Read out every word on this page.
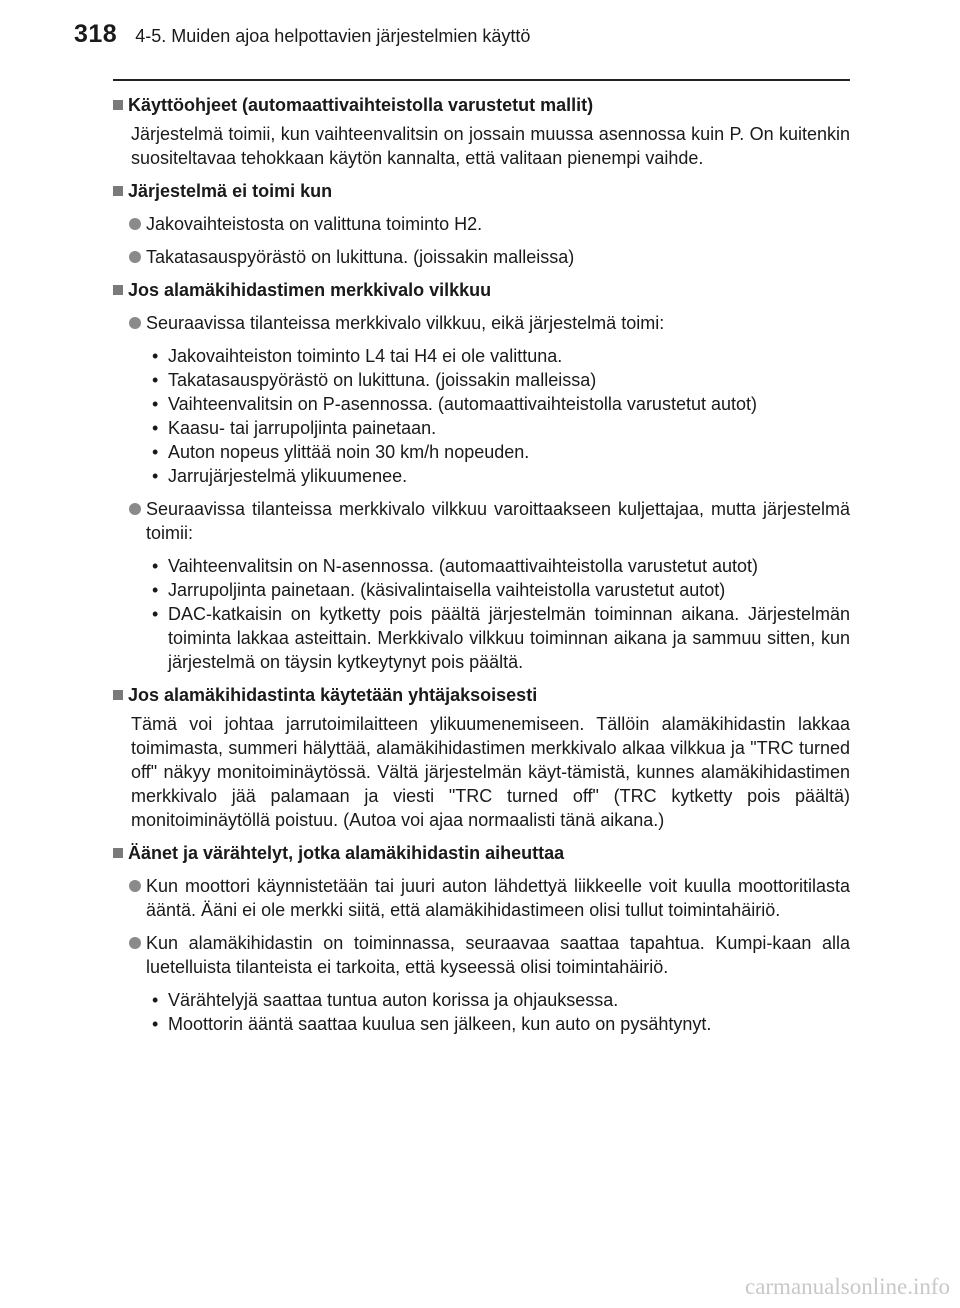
318 4-5. Muiden ajoa helpottavien järjestelmien käyttö
Käyttöohjeet (automaattivaihteistolla varustetut mallit)
Järjestelmä toimii, kun vaihteenvalitsin on jossain muussa asennossa kuin P. On kuitenkin suositeltavaa tehokkaan käytön kannalta, että valitaan pienempi vaihde.
Järjestelmä ei toimi kun
Jakovaihteistosta on valittuna toiminto H2.
Takatasauspyörästö on lukittuna. (joissakin malleissa)
Jos alamäkihidastimen merkkivalo vilkkuu
Seuraavissa tilanteissa merkkivalo vilkkuu, eikä järjestelmä toimi:
• Jakovaihteiston toiminto L4 tai H4 ei ole valittuna.
• Takatasauspyörästö on lukittuna. (joissakin malleissa)
• Vaihteenvalitsin on P-asennossa. (automaattivaihteistolla varustetut autot)
• Kaasu- tai jarrupoljinta painetaan.
• Auton nopeus ylittää noin 30 km/h nopeuden.
• Jarrujärjestelmä ylikuumenee.
Seuraavissa tilanteissa merkkivalo vilkkuu varoittaakseen kuljettajaa, mutta järjestelmä toimii:
• Vaihteenvalitsin on N-asennossa. (automaattivaihteistolla varustetut autot)
• Jarrupoljinta painetaan. (käsivalintaisella vaihteistolla varustetut autot)
• DAC-katkaisin on kytketty pois päältä järjestelmän toiminnan aikana. Järjestelmän toiminta lakkaa asteittain. Merkkivalo vilkkuu toiminnan aikana ja sammuu sitten, kun järjestelmä on täysin kytkeytynyt pois päältä.
Jos alamäkihidastinta käytetään yhtäjaksoisesti
Tämä voi johtaa jarrutoimilaitteen ylikuumenemiseen. Tällöin alamäkihidastin lakkaa toimimasta, summeri hälyttää, alamäkihidastimen merkkivalo alkaa vilkkua ja "TRC turned off" näkyy monitoiminäytössä. Vältä järjestelmän käyt-tämistä, kunnes alamäkihidastimen merkkivalo jää palamaan ja viesti "TRC turned off" (TRC kytketty pois päältä) monitoiminäytöllä poistuu. (Autoa voi ajaa normaalisti tänä aikana.)
Äänet ja värähtelyt, jotka alamäkihidastin aiheuttaa
Kun moottori käynnistetään tai juuri auton lähdettyä liikkeelle voit kuulla moottoritilasta ääntä. Ääni ei ole merkki siitä, että alamäkihidastimeen olisi tullut toimintahäiriö.
Kun alamäkihidastin on toiminnassa, seuraavaa saattaa tapahtua. Kumpi-kaan alla luetelluista tilanteista ei tarkoita, että kyseessä olisi toimintahäiriö.
• Värähtelyjä saattaa tuntua auton korissa ja ohjauksessa.
• Moottorin ääntä saattaa kuulua sen jälkeen, kun auto on pysähtynyt.
carmanualsonline.info
